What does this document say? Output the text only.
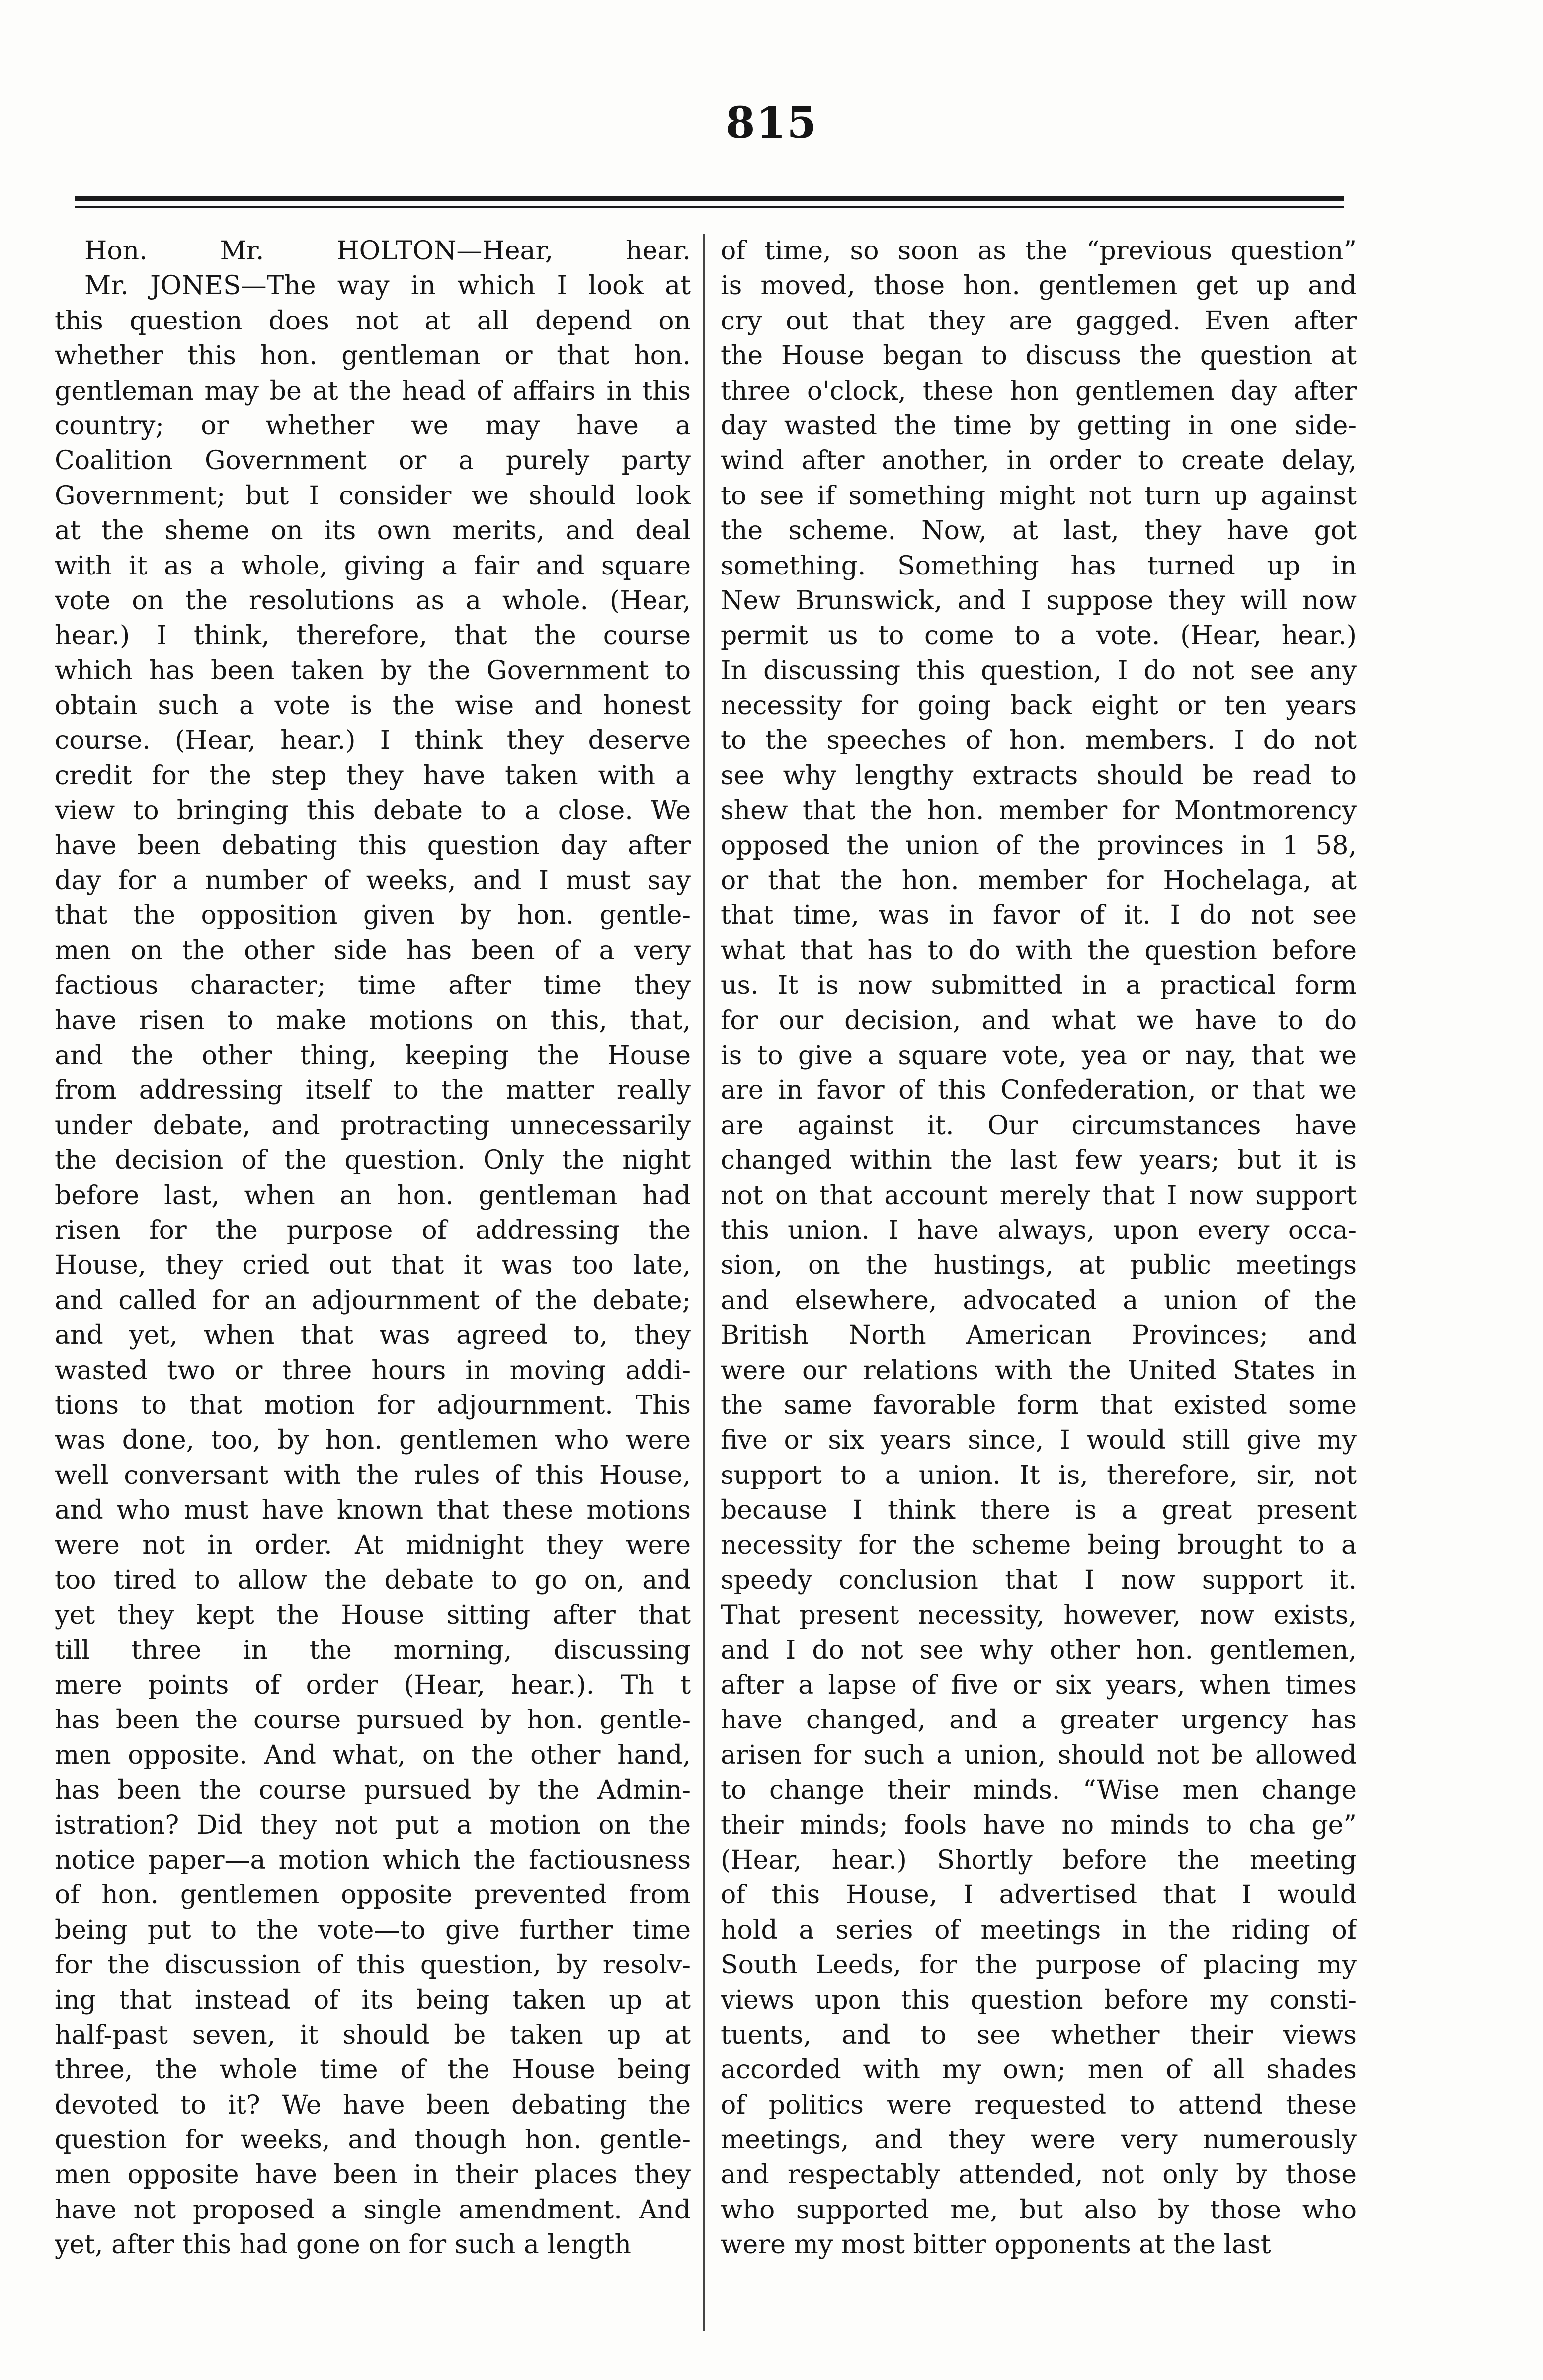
815
Hon. Mr. HOLTON—Hear, hear.
Mr. JONES—The way in which I look at
this question does not at all depend on
whether this hon. gentleman or that hon.
gentleman may be at the head of affairs in this
country; or whether we may have a
Coalition Government or a purely party
Government; but I consider we should look
at the sheme on its own merits, and deal
with it as a whole, giving a fair and square
vote on the resolutions as a whole. (Hear,
hear.) I think, therefore, that the course
which has been taken by the Government to
obtain such a vote is the wise and honest
course. (Hear, hear.) I think they deserve
credit for the step they have taken with a
view to bringing this debate to a close. We
have been debating this question day after
day for a number of weeks, and I must say
that the opposition given by hon. gentle-
men on the other side has been of a very
factious character; time after time they
have risen to make motions on this, that,
and the other thing, keeping the House
from addressing itself to the matter really
under debate, and protracting unnecessarily
the decision of the question. Only the night
before last, when an hon. gentleman had
risen for the purpose of addressing the
House, they cried out that it was too late,
and called for an adjournment of the debate;
and yet, when that was agreed to, they
wasted two or three hours in moving addi-
tions to that motion for adjournment. This
was done, too, by hon. gentlemen who were
well conversant with the rules of this House,
and who must have known that these motions
were not in order. At midnight they were
too tired to allow the debate to go on, and
yet they kept the House sitting after that
till three in the morning, discussing
mere points of order (Hear, hear.). Th t
has been the course pursued by hon. gentle-
men opposite. And what, on the other hand,
has been the course pursued by the Admin-
istration? Did they not put a motion on the
notice paper—a motion which the factiousness
of hon. gentlemen opposite prevented from
being put to the vote—to give further time
for the discussion of this question, by resolv-
ing that instead of its being taken up at
half-past seven, it should be taken up at
three, the whole time of the House being
devoted to it? We have been debating the
question for weeks, and though hon. gentle-
men opposite have been in their places they
have not proposed a single amendment. And
yet, after this had gone on for such a length
of time, so soon as the “previous question”
is moved, those hon. gentlemen get up and
cry out that they are gagged. Even after
the House began to discuss the question at
three o'clock, these hon gentlemen day after
day wasted the time by getting in one side-
wind after another, in order to create delay,
to see if something might not turn up against
the scheme. Now, at last, they have got
something. Something has turned up in
New Brunswick, and I suppose they will now
permit us to come to a vote. (Hear, hear.)
In discussing this question, I do not see any
necessity for going back eight or ten years
to the speeches of hon. members. I do not
see why lengthy extracts should be read to
shew that the hon. member for Montmorency
opposed the union of the provinces in 1 58,
or that the hon. member for Hochelaga, at
that time, was in favor of it. I do not see
what that has to do with the question before
us. It is now submitted in a practical form
for our decision, and what we have to do
is to give a square vote, yea or nay, that we
are in favor of this Confederation, or that we
are against it. Our circumstances have
changed within the last few years; but it is
not on that account merely that I now support
this union. I have always, upon every occa-
sion, on the hustings, at public meetings
and elsewhere, advocated a union of the
British North American Provinces; and
were our relations with the United States in
the same favorable form that existed some
five or six years since, I would still give my
support to a union. It is, therefore, sir, not
because I think there is a great present
necessity for the scheme being brought to a
speedy conclusion that I now support it.
That present necessity, however, now exists,
and I do not see why other hon. gentlemen,
after a lapse of five or six years, when times
have changed, and a greater urgency has
arisen for such a union, should not be allowed
to change their minds. “Wise men change
their minds; fools have no minds to cha ge”
(Hear, hear.) Shortly before the meeting
of this House, I advertised that I would
hold a series of meetings in the riding of
South Leeds, for the purpose of placing my
views upon this question before my consti-
tuents, and to see whether their views
accorded with my own; men of all shades
of politics were requested to attend these
meetings, and they were very numerously
and respectably attended, not only by those
who supported me, but also by those who
were my most bitter opponents at the last
